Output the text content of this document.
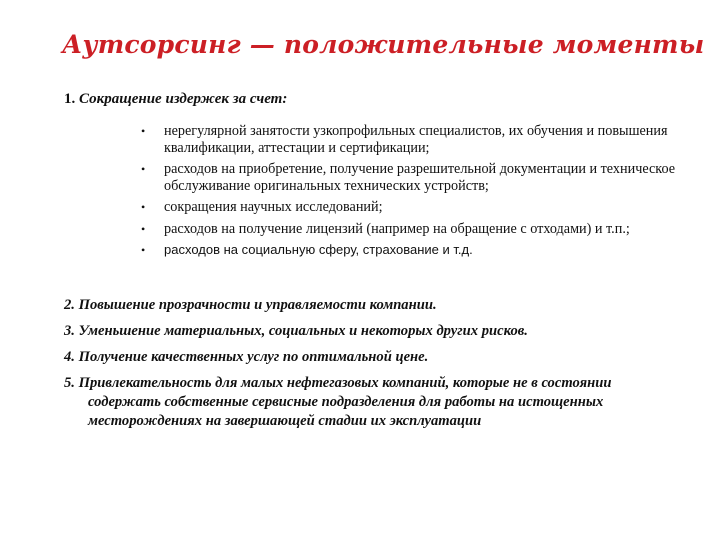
Аутсорсинг — положительные моменты

1. Сокращение издержек за счет:

• нерегулярной занятости узкопрофильных специалистов, их обучения и повышения квалификации, аттестации и сертификации;
• расходов на приобретение, получение разрешительной документации и техническое обслуживание оригинальных технических устройств;
• сокращения научных исследований;
• расходов на получение лицензий (например на обращение с отходами) и т.п.;
• расходов на социальную сферу, страхование и т.д.
2. Повышение прозрачности и управляемости компании.
3. Уменьшение материальных, социальных и некоторых других рисков.
4. Получение качественных услуг по оптимальной цене.
5. Привлекательность для малых нефтегазовых компаний, которые не в состоянии содержать собственные сервисные подразделения для работы на истощенных месторождениях на завершающей стадии их эксплуатации
